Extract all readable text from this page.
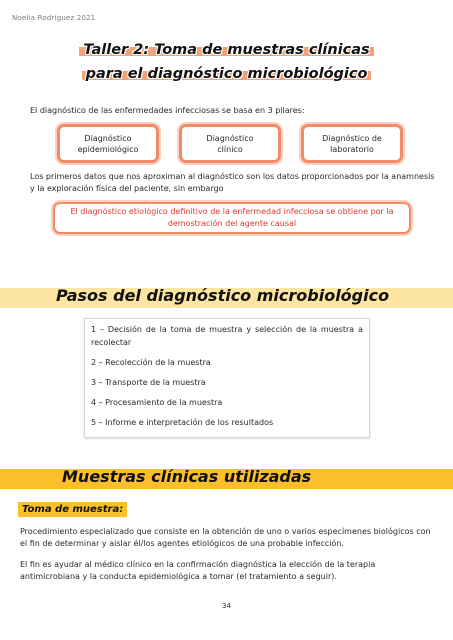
Noelia Rodríguez 2021
Taller 2: Toma de muestras clínicas
para el diagnóstico microbiológico
El diagnóstico de las enfermedades infecciosas se basa en 3 pilares:
Diagnóstico
epidemiológico
Diagnóstico
clínico
Diagnóstico de
laboratorio
Los primeros datos que nos aproximan al diagnóstico son los datos proporcionados por la anamnesis y la exploración física del paciente, sin embargo
El diagnóstico etiológico definitivo de la enfermedad infecciosa se obtiene por la demostración del agente causal
Pasos del diagnóstico microbiológico
1 – Decisión de la toma de muestra y selección de la muestra a recolectar
2 – Recolección de la muestra
3 – Transporte de la muestra
4 – Procesamiento de la muestra
5 – Informe e interpretación de los resultados
Muestras clínicas utilizadas
Toma de muestra:
Procedimiento especializado que consiste en la obtención de uno o varios especímenes biológicos con el fin de determinar y aislar él/los agentes etiológicos de una probable infección.
El fin es ayudar al médico clínico en la confirmación diagnóstica la elección de la terapia antimicrobiana y la conducta epidemiológica a tomar (el tratamiento a seguir).
34
